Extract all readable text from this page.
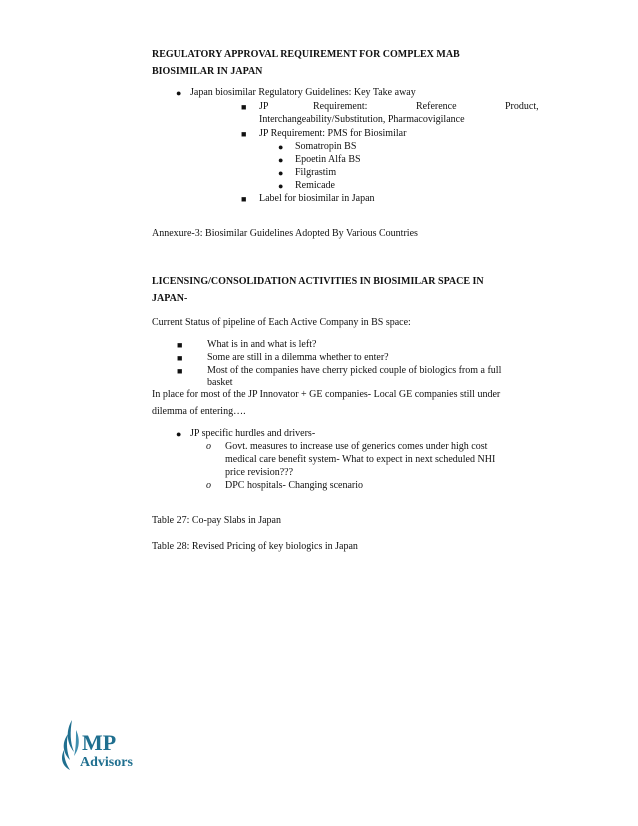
REGULATORY APPROVAL REQUIREMENT FOR COMPLEX MAB
BIOSIMILAR IN JAPAN
● Japan biosimilar Regulatory Guidelines: Key Take away
■ JP	Requirement:	Reference	Product,
Interchangeability/Substitution, Pharmacovigilance
■ JP Requirement: PMS for Biosimilar
● Somatropin BS
● Epoetin Alfa BS
● Filgrastim
● Remicade
■ Label for biosimilar in Japan
Annexure-3: Biosimilar Guidelines Adopted By Various Countries
LICENSING/CONSOLIDATION ACTIVITIES IN BIOSIMILAR SPACE IN
JAPAN-
Current Status of pipeline of Each Active Company in BS space:
■ What is in and what is left?
■ Some are still in a dilemma whether to enter?
■ Most of the companies have cherry picked couple of biologics from a full
basket
In place for most of the JP Innovator + GE companies- Local GE companies still under
dilemma of entering….
● JP specific hurdles and drivers-
o Govt. measures to increase use of generics comes under high cost
medical care benefit system- What to expect in next scheduled NHI
price revision???
o DPC hospitals- Changing scenario
Table 27: Co-pay Slabs in Japan
Table 28: Revised Pricing of key biologics in Japan
MP
Advisors
